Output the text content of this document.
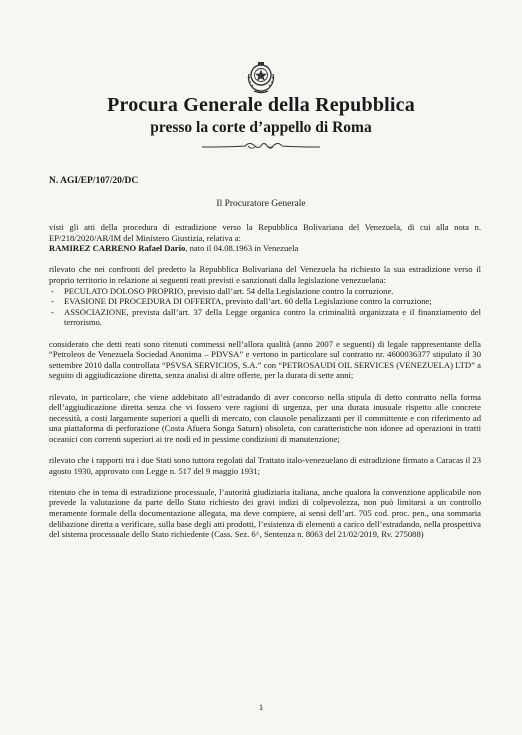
Procura Generale della Repubblica
presso la corte d’appello di Roma
N. AGI/EP/107/20/DC
Il Procuratore Generale

visti gli atti della procedura di estradizione verso la Repubblica Bolivariana del Venezuela, di cui alla nota n. EP/218/2020/AR/IM del Ministero Giustizia, relativa a:
RAMIREZ CARRENO Rafael Dario, nato il 04.08.1963 in Venezuela

rilevato che nei confronti del predetto la Repubblica Bolivariana del Venezuela ha richiesto la sua estradizione verso il proprio territorio in relazione ai seguenti reati previsti e sanzionati dalla legislazione venezuelana:

- PECULATO DOLOSO PROPRIO, previsto dall’art. 54 della Legislazione contro la corruzione.
- EVASIONE DI PROCEDURA DI OFFERTA, previsto dall’art. 60 della Legislazione contro la corruzione;
- ASSOCIAZIONE, prevista dall’art. 37 della Legge organica contro la criminalità organizzata e il finanziamento del terrorismo.

considerato che detti reati sono ritenuti commessi nell’allora qualità (anno 2007 e seguenti) di legale rappresentante della “Petroleos de Venezuela Sociedad Anonima – PDVSA” e vertono in particolare sul contratto nr. 4600036377 stipulato il 30 settembre 2010 dalla controllata “PSVSA SERVICIOS, S.A.” con “PETROSAUDI OIL SERVICES (VENEZUELA) LTD” a seguito di aggiudicazione diretta, senza analisi di altre offerte, per la durata di sette anni;

rilevato, in particolare, che viene addebitato all’estradando di aver concorso nella stipula di detto contratto nella forma dell’aggiudicazione diretta senza che vi fossero vere ragioni di urgenza, per una durata inusuale rispetto alle concrete necessità, a costi largamente superiori a quelli di mercato, con clausole penalizzanti per il committente e con riferimento ad una piattaforma di perforazione (Costa Afuera Songa Saturn) obsoleta, con caratteristiche non idonee ad operazioni in tratti oceanici con correnti superiori ai tre nodi ed in pessime condizioni di manutenzione;

rilevato che i rapporti tra i due Stati sono tuttora regolati dal Trattato italo-venezuelano di estradizione firmato a Caracas il 23 agosto 1930, approvato con Legge n. 517 del 9 maggio 1931;

ritenuto che in tema di estradizione processuale, l’autorità giudiziaria italiana, anche qualora la convenzione applicabile non prevede la valutazione da parte dello Stato richiesto dei gravi indizi di colpevolezza, non può limitarsi a un controllo meramente formale della documentazione allegata, ma deve compiere, ai sensi dell’art. 705 cod. proc. pen., una sommaria delibazione diretta a verificare, sulla base degli atti prodotti, l’esistenza di elementi a carico dell’estradando, nella prospettiva del sistema processuale dello Stato richiedente (Cass. Sez. 6^, Sentenza n. 8063 del 21/02/2019, Rv. 275088)

1
